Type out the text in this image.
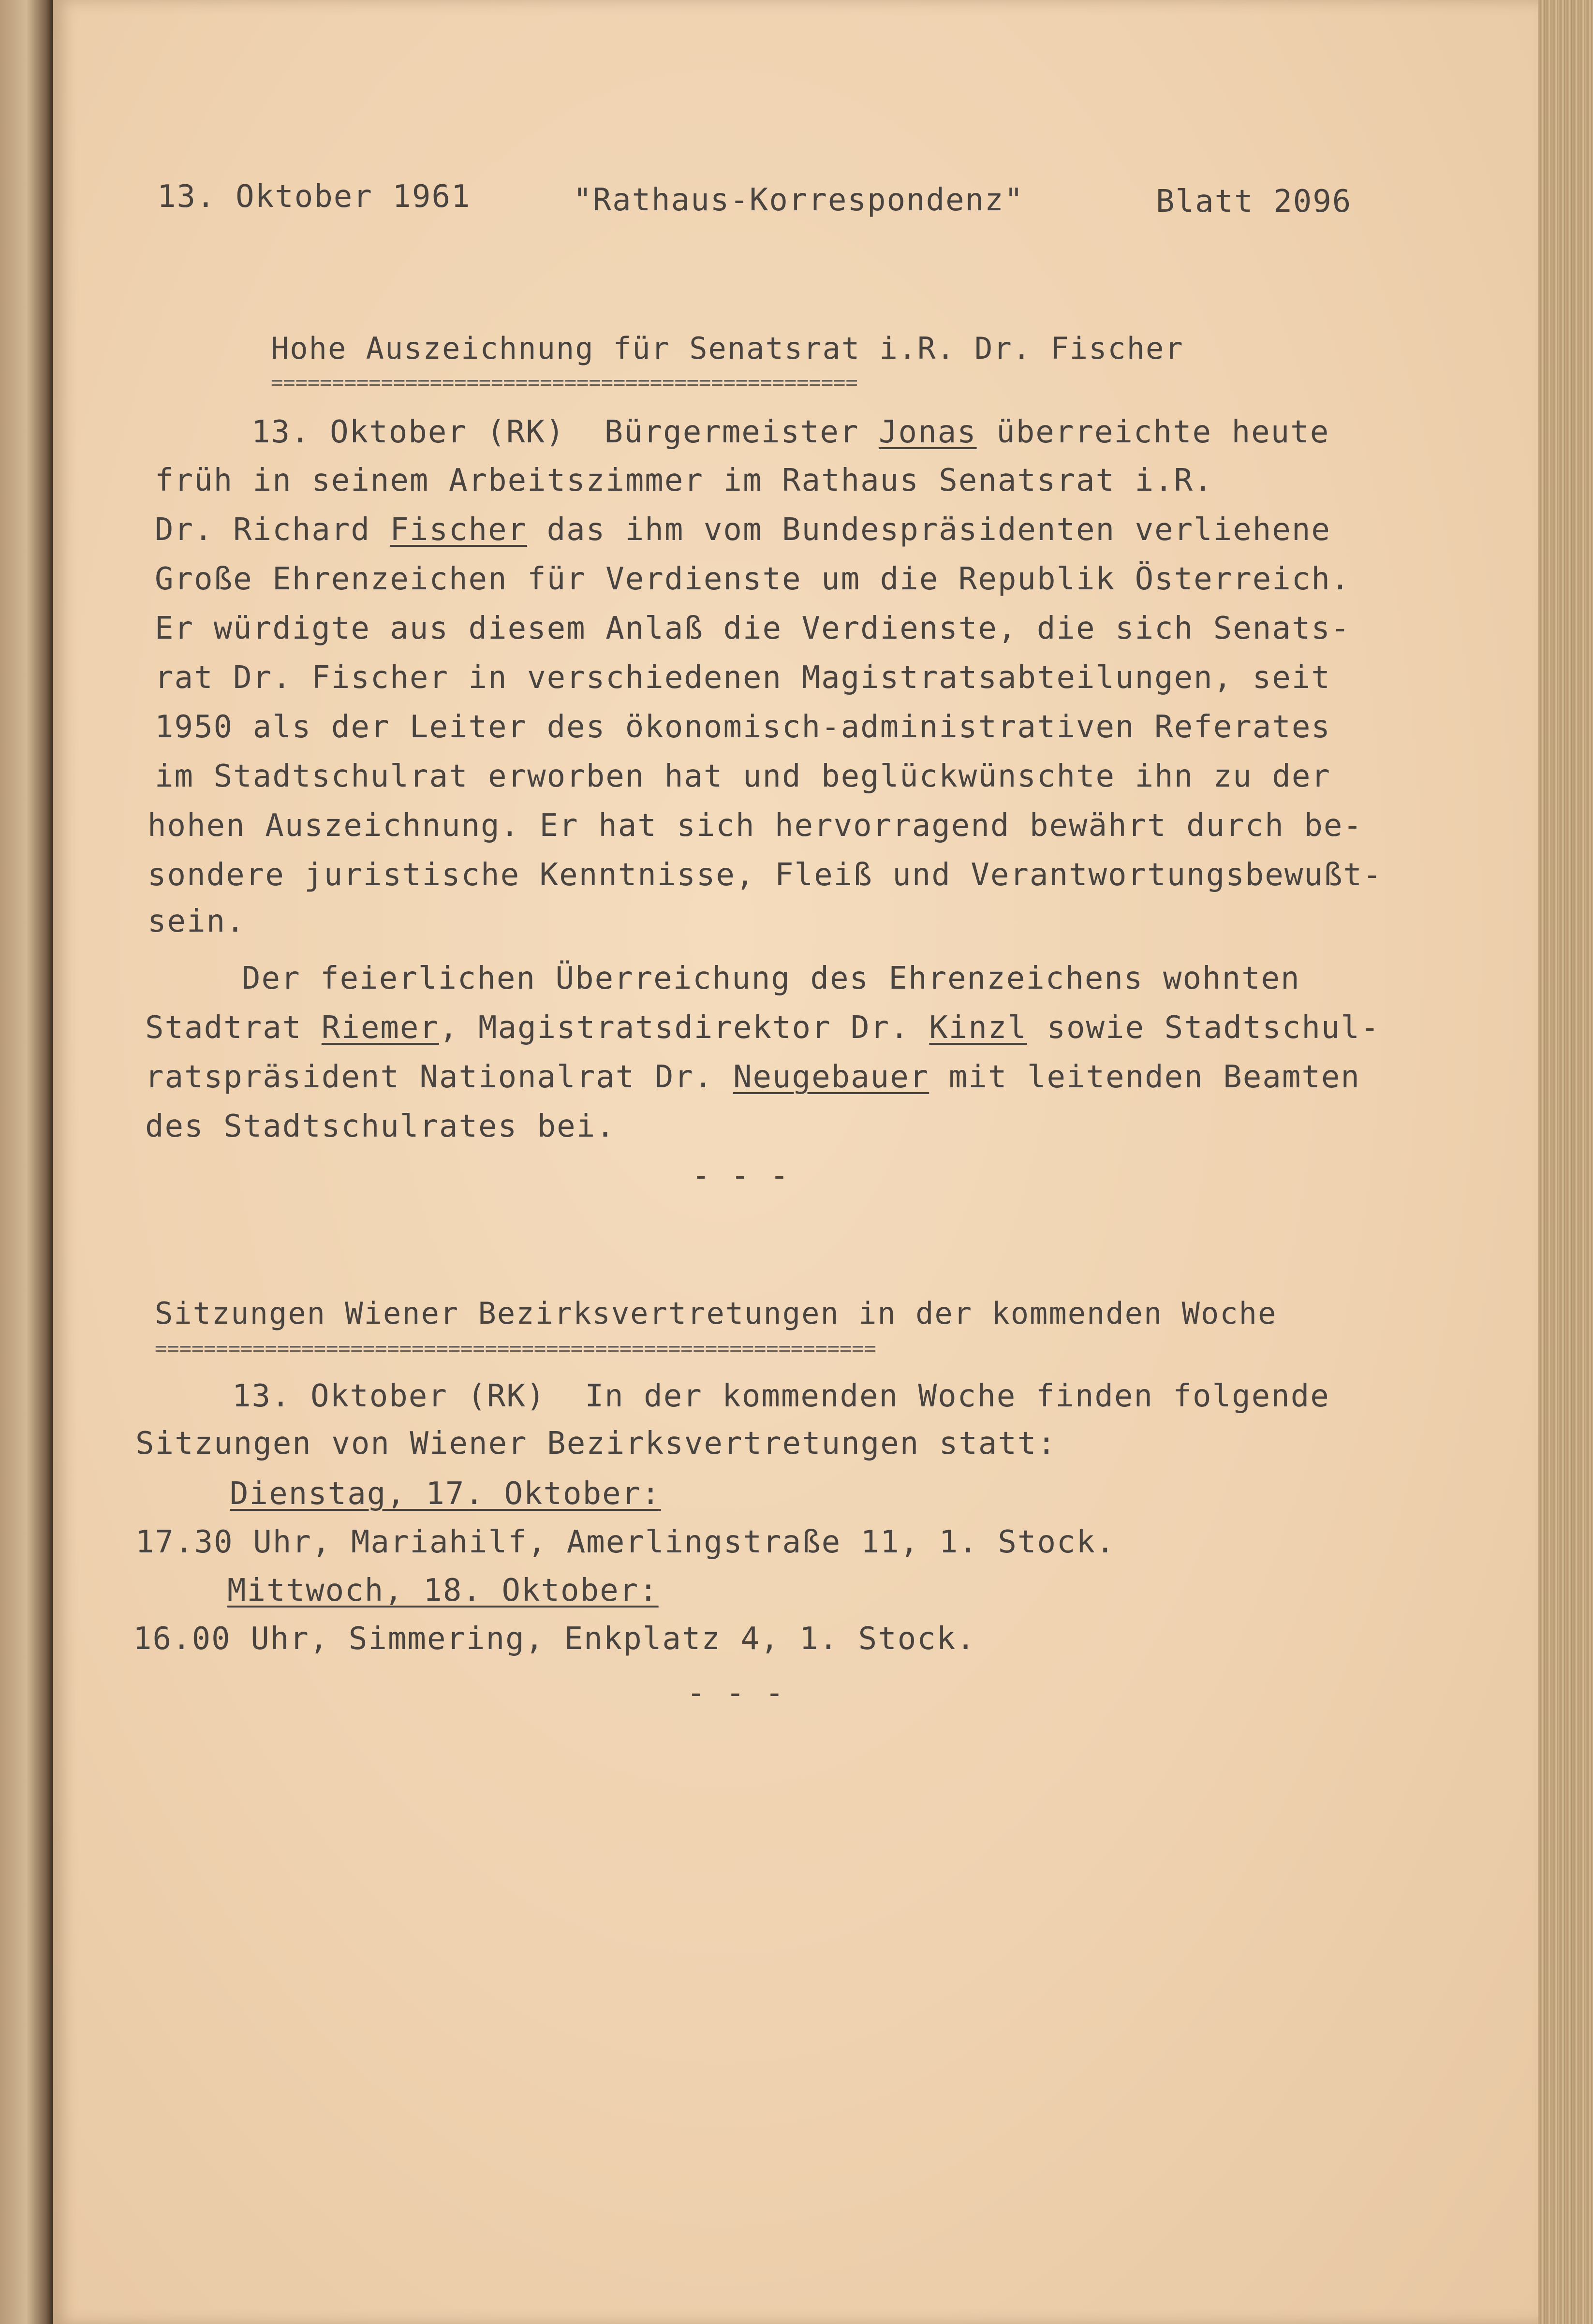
13. Oktober 1961	"Rathaus-Korrespondenz"	Blatt 2096
Hohe Auszeichnung für Senatsrat i.R. Dr. Fischer
================================================
13. Oktober (RK)  Bürgermeister Jonas überreichte heute
früh in seinem Arbeitszimmer im Rathaus Senatsrat i.R.
Dr. Richard Fischer das ihm vom Bundespräsidenten verliehene
Große Ehrenzeichen für Verdienste um die Republik Österreich.
Er würdigte aus diesem Anlaß die Verdienste, die sich Senats-
rat Dr. Fischer in verschiedenen Magistratsabteilungen, seit
1950 als der Leiter des ökonomisch-administrativen Referates
im Stadtschulrat erworben hat und beglückwünschte ihn zu der
hohen Auszeichnung. Er hat sich hervorragend bewährt durch be-
sondere juristische Kenntnisse, Fleiß und Verantwortungsbewußt-
sein.
Der feierlichen Überreichung des Ehrenzeichens wohnten
Stadtrat Riemer, Magistratsdirektor Dr. Kinzl sowie Stadtschul-
ratspräsident Nationalrat Dr. Neugebauer mit leitenden Beamten
des Stadtschulrates bei.
- - -
Sitzungen Wiener Bezirksvertretungen in der kommenden Woche
===========================================================
13. Oktober (RK)  In der kommenden Woche finden folgende
Sitzungen von Wiener Bezirksvertretungen statt:
Dienstag, 17. Oktober:
17.30 Uhr, Mariahilf, Amerlingstraße 11, 1. Stock.
Mittwoch, 18. Oktober:
16.00 Uhr, Simmering, Enkplatz 4, 1. Stock.
- - -
